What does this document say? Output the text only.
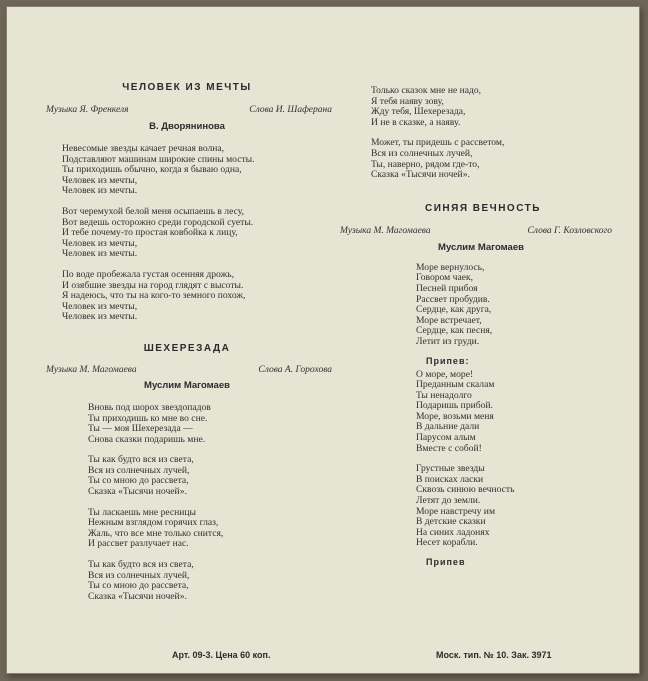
ЧЕЛОВЕК ИЗ МЕЧТЫ
Музыка Я. Френкеля	Слова И. Шаферана
В. Дворянинова
Невесомые звезды качает речная волна,
Подставляют машинам широкие спины мосты.
Ты приходишь обычно, когда я бываю одна,
Человек из мечты,
Человек из мечты.
Вот черемухой белой меня осыпаешь в лесу,
Вот ведешь осторожно среди городской суеты.
И тебе почему-то простая ковбойка к лицу,
Человек из мечты,
Человек из мечты.
По воде пробежала густая осенняя дрожь,
И озябшие звезды на город глядят с высоты.
Я надеюсь, что ты на кого-то земного похож,
Человек из мечты,
Человек из мечты.
ШЕХЕРЕЗАДА
Музыка М. Магомаева	Слова А. Горохова
Муслим Магомаев
Вновь под шорох звездопадов
Ты приходишь ко мне во сне.
Ты — моя Шехерезада —
Снова сказки подаришь мне.
Ты как будто вся из света,
Вся из солнечных лучей,
Ты со мною до рассвета,
Сказка «Тысячи ночей».
Ты ласкаешь мне ресницы
Нежным взглядом горячих глаз,
Жаль, что все мне только снится,
И рассвет разлучает нас.
Ты как будто вся из света,
Вся из солнечных лучей,
Ты со мною до рассвета,
Сказка «Тысячи ночей».
Только сказок мне не надо,
Я тебя наяву зову,
Жду тебя, Шехерезада,
И не в сказке, а наяву.
Может, ты придешь с рассветом,
Вся из солнечных лучей,
Ты, наверно, рядом где-то,
Сказка «Тысячи ночей».
СИНЯЯ ВЕЧНОСТЬ
Музыка М. Магомаева	Слова Г. Козловского
Муслим Магомаев
Море вернулось,
Говором чаек,
Песней прибоя
Рассвет пробудив.
Сердце, как друга,
Море встречает,
Сердце, как песня,
Летит из груди.
Припев:
О море, море!
Преданным скалам
Ты ненадолго
Подаришь прибой.
Море, возьми меня
В дальние дали
Парусом алым
Вместе с собой!
Грустные звезды
В поисках ласки
Сквозь синюю вечность
Летят до земли.
Море навстречу им
В детские сказки
На синих ладонях
Несет корабли.
Припев
Арт. 09-3. Цена 60 коп.	Моск. тип. № 10. Зак. 3971
